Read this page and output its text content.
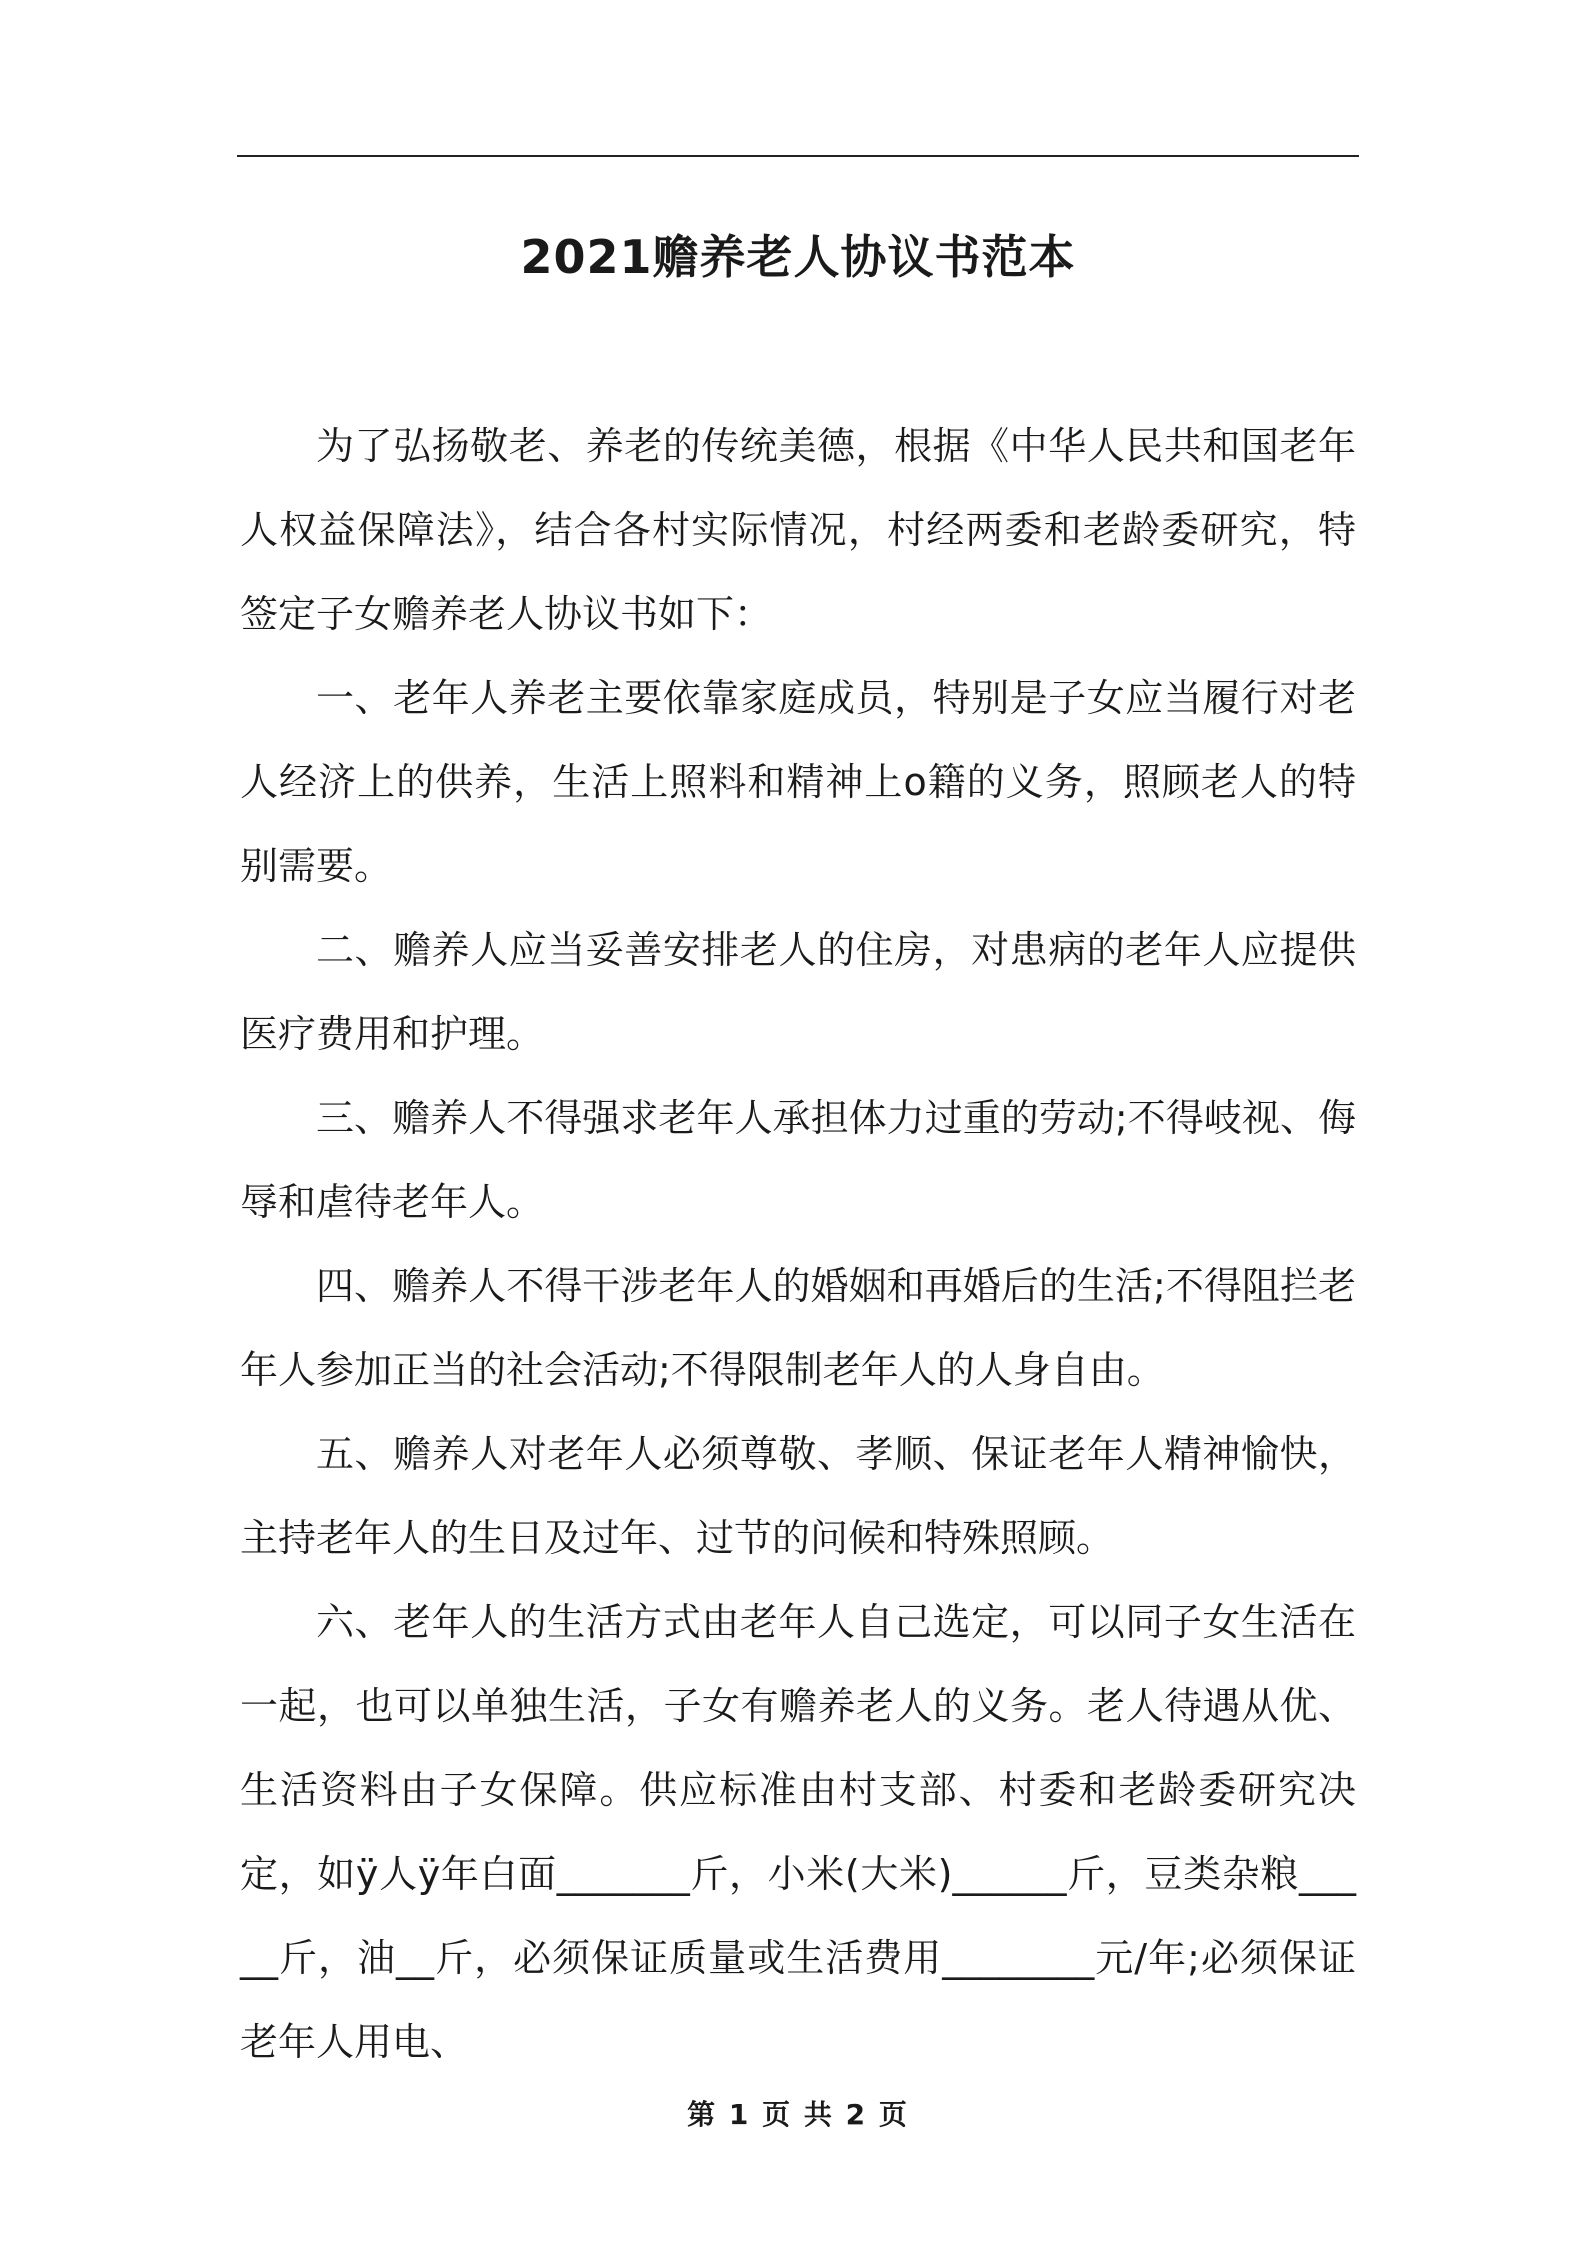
2021赡养老人协议书范本

为了弘扬敬老、养老的传统美德，根据《中华人民共和国老年人权益保障法》，结合各村实际情况，村经两委和老龄委研究，特签定子女赡养老人协议书如下：

一、老年人养老主要依靠家庭成员，特别是子女应当履行对老人经济上的供养，生活上照料和精神上o籍的义务，照顾老人的特别需要。

二、赡养人应当妥善安排老人的住房，对患病的老年人应提供医疗费用和护理。

三、赡养人不得强求老年人承担体力过重的劳动;不得岐视、侮辱和虐待老年人。

四、赡养人不得干涉老年人的婚姻和再婚后的生活;不得阻拦老年人参加正当的社会活动;不得限制老年人的人身自由。

五、赡养人对老年人必须尊敬、孝顺、保证老年人精神愉快，主持老年人的生日及过年、过节的问候和特殊照顾。

六、老年人的生活方式由老年人自己选定，可以同子女生活在一起，也可以单独生活，子女有赡养老人的义务。老人待遇从优、生活资料由子女保障。供应标准由村支部、村委和老龄委研究决定，如ÿ人ÿ年白面_______斤，小米(大米)______斤，豆类杂粮_____斤，油__斤，必须保证质量或生活费用________元/年;必须保证老年人用电、

第 1 页 共 2 页
